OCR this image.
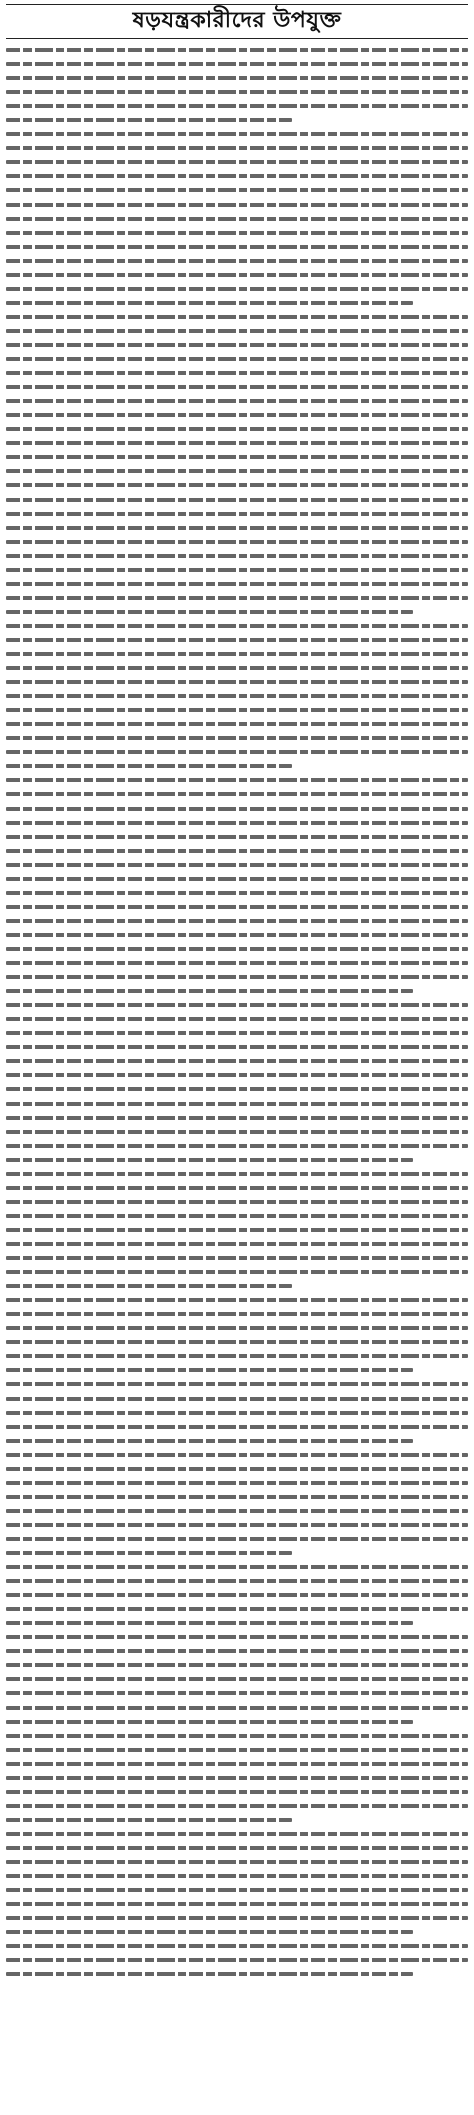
ষড়যন্ত্রকারীদের উপযুক্ত
